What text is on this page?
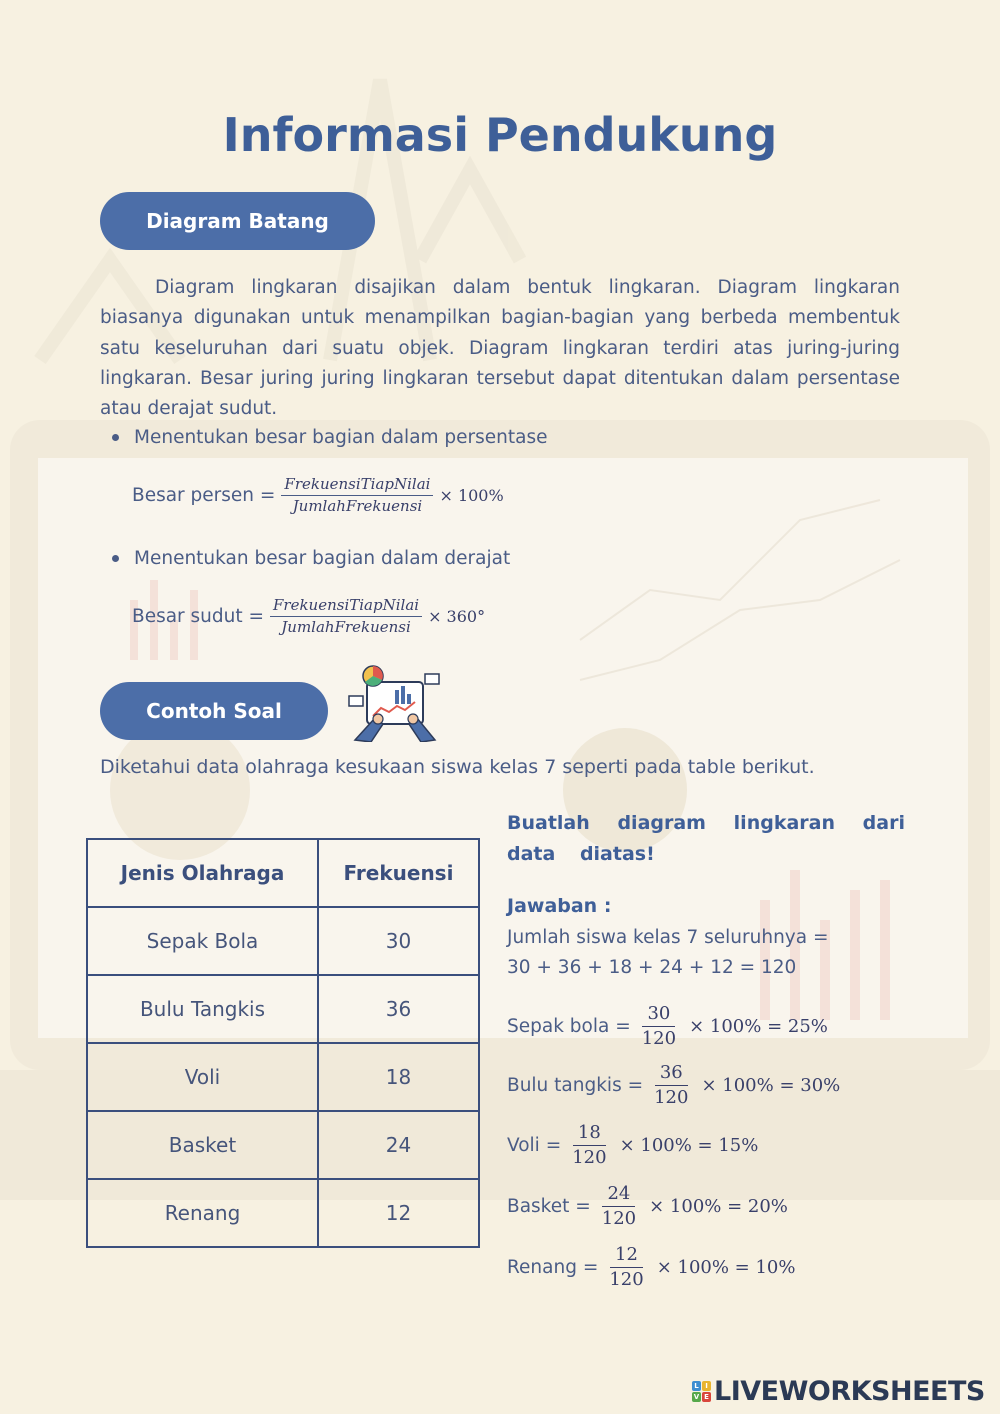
Informasi Pendukung
Diagram Batang

Diagram lingkaran disajikan dalam bentuk lingkaran. Diagram lingkaran biasanya digunakan untuk menampilkan bagian-bagian yang berbeda membentuk satu keseluruhan dari suatu objek. Diagram lingkaran terdiri atas juring-juring lingkaran. Besar juring juring lingkaran tersebut dapat ditentukan dalam persentase atau derajat sudut.

Menentukan besar bagian dalam persentase
Besar persen = $\frac{\text{FrekuensiTiapNilai}}{\text{JumlahFrekuensi}} \times 100\%$
Menentukan besar bagian dalam derajat
Besar sudut = $\frac{\text{FrekuensiTiapNilai}}{\text{JumlahFrekuensi}} \times 360^\circ$
Contoh Soal
Diketahui data olahraga kesukaan siswa kelas 7 seperti pada table berikut.
Jenis Olahraga	Frekuensi
Sepak Bola	30
Bulu Tangkis	36
Voli	18
Basket	24
Renang	12
Buatlah diagram lingkaran dari data diatas!
Jawaban :
Jumlah siswa kelas 7 seluruhnya =
30 + 36 + 18 + 24 + 12 = 120
Sepak bola = $\frac{30}{120} \times 100\% = 25\%$
Bulu tangkis = $\frac{36}{120} \times 100\% = 30\%$
Voli = $\frac{18}{120} \times 100\% = 15\%$
Basket = $\frac{24}{120} \times 100\% = 20\%$
Renang = $\frac{12}{120} \times 100\% = 10\%$
L I
V E LIVEWORKSHEETS
